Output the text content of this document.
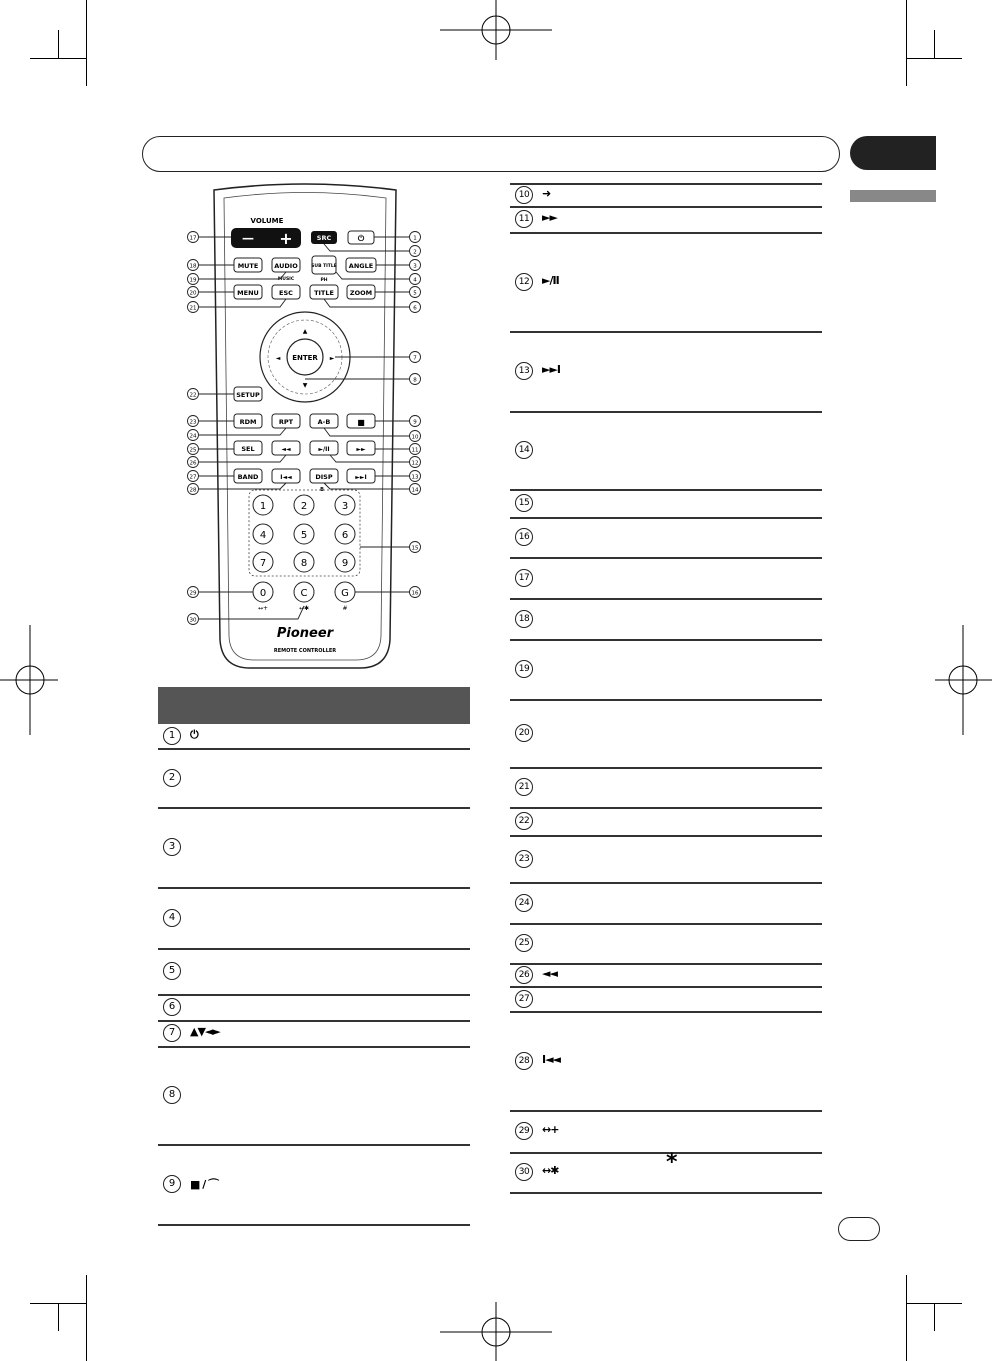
VOLUME
— +	SRC	⏻
MUTE AUDIO
MUSIC
SUB TITLE
PH
ANGLE
MENU	ESC	TITLE ZOOM
ENTER
▲
▼
◄	►
SETUP
RDM	RPT	A-B	■
SEL	◄◄	►/II	►►
BAND	I◄◄	DISP
B
►►I
1	2	3
4	5	6
7	8	9
0
↔+
C
↔✱
G
#
Pioneer
REMOTE CONTROLLER
1
2
3
4
5
6
7
8
9
10
11
12
13
14
15
16
17
18
19
20
21
22
23
24
25
26
27
28
29
30
1	⏻
2
3
4
5
6
7	▲▼◄►
8
9	■ / ⌒
10	➜
11	►►
12	►/II
13	►►I
14
15
16
17
18
19
20
21
22
23
24
25
26	◄◄
27
28	I◄◄
29	↔+
30	↔✱	*
